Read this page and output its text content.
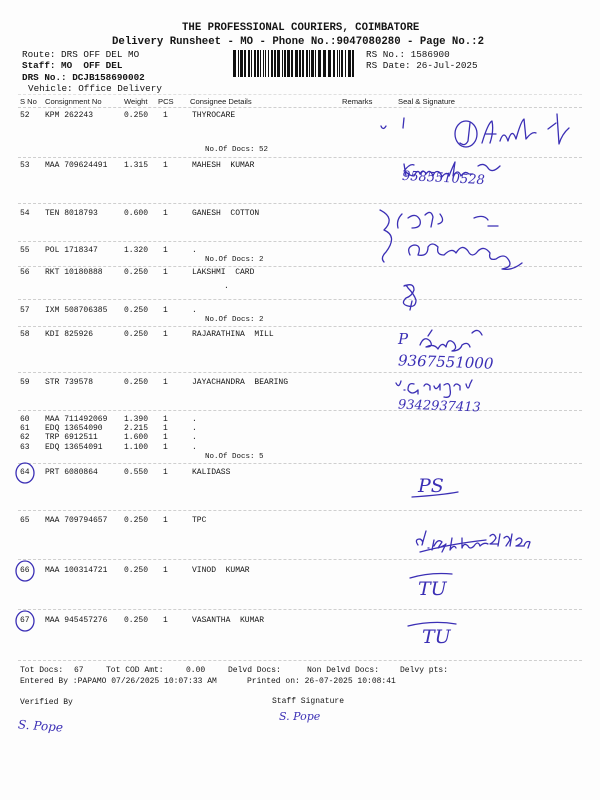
THE PROFESSIONAL COURIERS, COIMBATORE
Delivery Runsheet - MO - Phone No.:9047080280 - Page No.:2
Route: DRS OFF DEL MO
Staff: MO  OFF DEL
DRS No.: DCJB158690002
Vehicle: Office Delivery
RS No.: 1586900
RS Date: 26-Jul-2025
S No Consignment No	Weight PCS Consignee Details	Remarks	Seal & Signature
9585510528
P
9367551000
9342937413
PS
TU
TU
Tot Docs: 67	Tot COD Amt:	0.00	Delvd Docs:	Non Delvd Docs:	Delvy pts:
Entered By :PAPAMO 07/26/2025 10:07:33 AM	Printed on: 26-07-2025 10:08:41
Verified By	Staff Signature
S. Pope
S. Pope
52 KPM 262243	0.250 1	THYROCARE
No.Of Docs: 52
53 MAA 709624491 1.315 1	MAHESH  KUMAR
54 TEN 8018793	0.600 1	GANESH  COTTON
55 POL 1718347	1.320 1	.
No.Of Docs: 2
56 RKT 10180888	0.250 1	LAKSHMI  CARD
.
57 IXM 508706385 0.250 1	.
No.Of Docs: 2
58 KDI 825926	0.250 1	RAJARATHINA  MILL
59 STR 739578	0.250 1	JAYACHANDRA  BEARING
60 MAA 711492069 1.390 1	.
61 EDQ 13654090	2.215 1	.
62 TRP 6912511	1.600 1	.
63 EDQ 13654091	1.100 1	.
No.Of Docs: 5
64 PRT 6080864	0.550 1	KALIDASS
65 MAA 709794657 0.250 1	TPC
66 MAA 100314721 0.250 1	VINOD  KUMAR
67 MAA 945457276 0.250 1	VASANTHA  KUMAR
